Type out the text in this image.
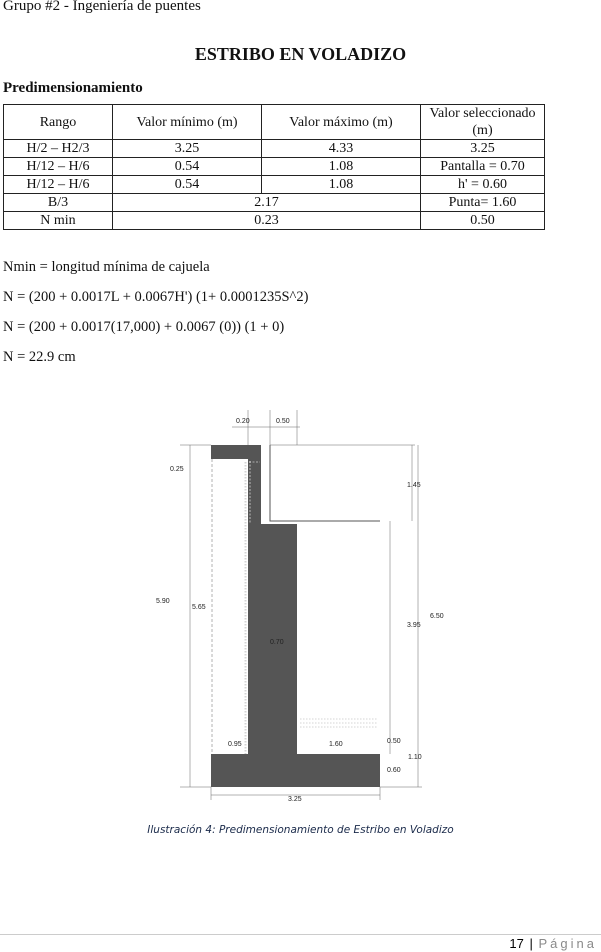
Grupo #2 - Ingeniería de puentes
ESTRIBO EN VOLADIZO
Predimensionamiento
Rango	Valor mínimo (m)	Valor máximo (m)	Valor seleccionado (m)
H/2 – H2/3	3.25	4.33	3.25
H/12 – H/6	0.54	1.08	Pantalla = 0.70
H/12 – H/6	0.54	1.08	h' = 0.60
B/3	2.17		Punta= 1.60
N min	0.23		0.50
Nmin = longitud mínima de cajuela
N = (200 + 0.0017L + 0.0067H') (1+ 0.0001235S^2)
N = (200 + 0.0017(17,000) + 0.0067 (0)) (1 + 0)
N = 22.9 cm
0.20	0.50
0.25
1.45
5.90
5.65
0.70
3.95
6.50
0.95	1.60	0.50
1.10
0.60
3.25
Ilustración 4: Predimensionamiento de Estribo en Voladizo
17 | Página
